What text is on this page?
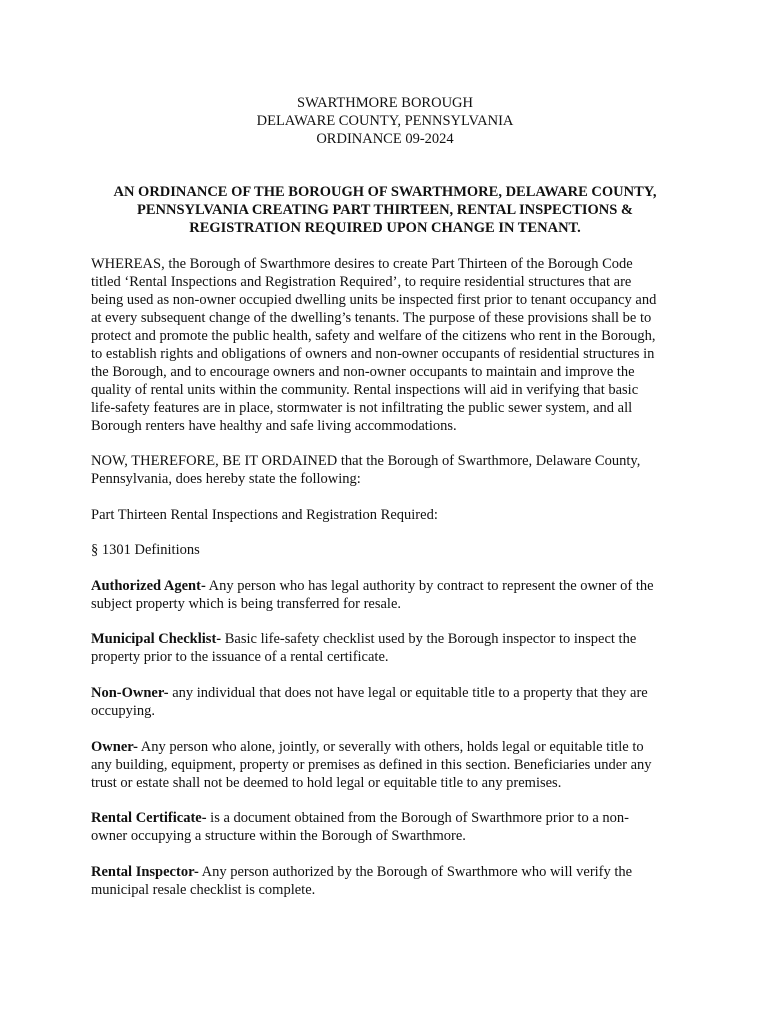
SWARTHMORE BOROUGH
DELAWARE COUNTY, PENNSYLVANIA
ORDINANCE 09-2024
AN ORDINANCE OF THE BOROUGH OF SWARTHMORE, DELAWARE COUNTY,
PENNSYLVANIA CREATING PART THIRTEEN, RENTAL INSPECTIONS &
REGISTRATION REQUIRED UPON CHANGE IN TENANT.
WHEREAS, the Borough of Swarthmore desires to create Part Thirteen of the Borough Code
titled ‘Rental Inspections and Registration Required’, to require residential structures that are
being used as non-owner occupied dwelling units be inspected first prior to tenant occupancy and
at every subsequent change of the dwelling’s tenants. The purpose of these provisions shall be to
protect and promote the public health, safety and welfare of the citizens who rent in the Borough,
to establish rights and obligations of owners and non-owner occupants of residential structures in
the Borough, and to encourage owners and non-owner occupants to maintain and improve the
quality of rental units within the community. Rental inspections will aid in verifying that basic
life-safety features are in place, stormwater is not infiltrating the public sewer system, and all
Borough renters have healthy and safe living accommodations.
NOW, THEREFORE, BE IT ORDAINED that the Borough of Swarthmore, Delaware County,
Pennsylvania, does hereby state the following:
Part Thirteen Rental Inspections and Registration Required:
§ 1301 Definitions
Authorized Agent- Any person who has legal authority by contract to represent the owner of the
subject property which is being transferred for resale.
Municipal Checklist- Basic life-safety checklist used by the Borough inspector to inspect the
property prior to the issuance of a rental certificate.
Non-Owner- any individual that does not have legal or equitable title to a property that they are
occupying.
Owner- Any person who alone, jointly, or severally with others, holds legal or equitable title to
any building, equipment, property or premises as defined in this section. Beneficiaries under any
trust or estate shall not be deemed to hold legal or equitable title to any premises.
Rental Certificate- is a document obtained from the Borough of Swarthmore prior to a non-
owner occupying a structure within the Borough of Swarthmore.
Rental Inspector- Any person authorized by the Borough of Swarthmore who will verify the
municipal resale checklist is complete.
